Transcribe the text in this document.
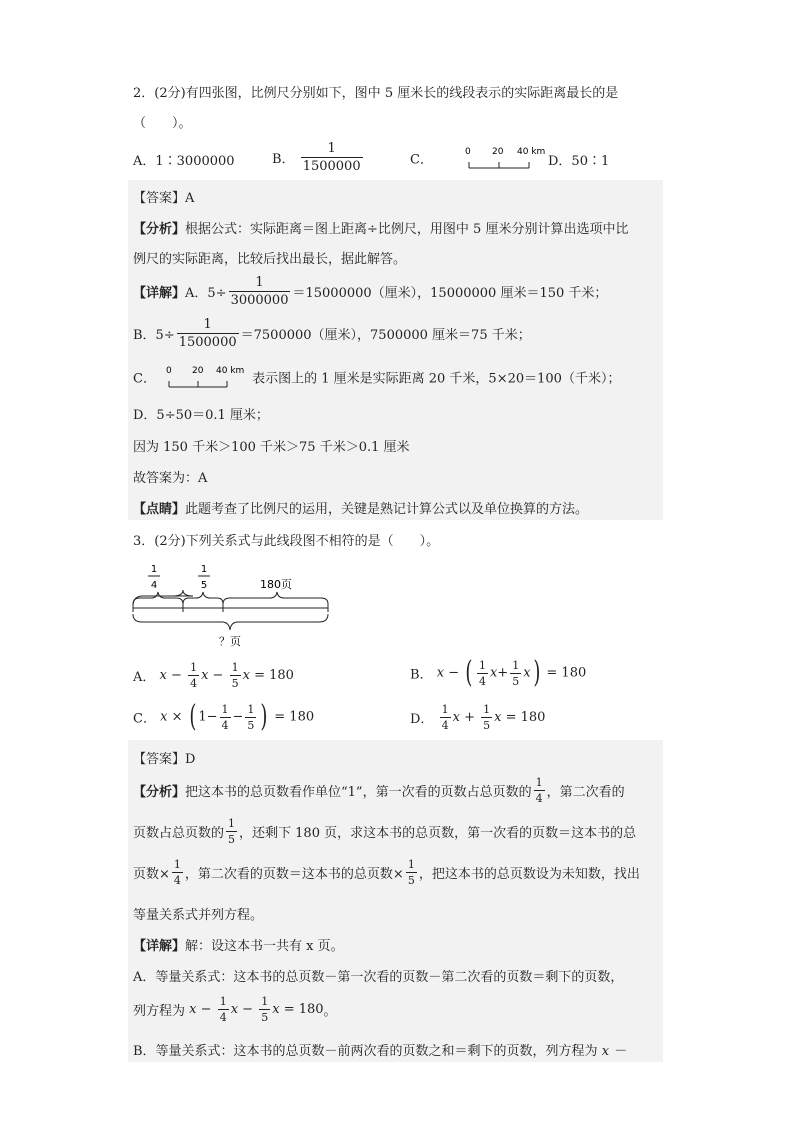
2．(2分)有四张图，比例尺分别如下，图中 5 厘米长的线段表示的实际距离最长的是
（　　）。
A．1∶3000000	B． $\frac{1}{1500000}$	C．
0 20 40 km
D．50∶1
【答案】A
【分析】根据公式：实际距离＝图上距离÷比例尺，用图中 5 厘米分别计算出选项中比
例尺的实际距离，比较后找出最长，据此解答。
【详解】A．$5\div \frac{1}{3000000} =15000000$（厘米），15000000 厘米＝150 千米；
B．$5\div \frac{1}{1500000} =7500000$（厘米），7500000 厘米＝75 千米；
C．
0 20 40 km
表示图上的 1 厘米是实际距离 20 千米，5×20＝100（千米）；
D．5÷50＝0.1 厘米；
因为 150 千米＞100 千米＞75 千米＞0.1 厘米
故答案为：A
【点睛】此题考查了比例尺的运用，关键是熟记计算公式以及单位换算的方法。
3．(2分)下列关系式与此线段图不相符的是（　　）。
1
4
1
5	180页
？页
A． $x - \frac{1}{4}$ $x - \frac{1}{5}$ x = 180	B． x − ( $\frac{1}{4} x+ \frac{1}{5} x) = 180$
C． x × ( $1- \frac{1}{4} - \frac{1}{5}$ ) = 180	D． $\frac{1}{4}$ $x + \frac{1}{5}$ x = 180
【答案】D
【分析】把这本书的总页数看作单位“1”，第一次看的页数占总页数的 $\frac{1}{4}$ ，第二次看的
页数占总页数的 $\frac{1}{5}$ ，还剩下 180 页，求这本书的总页数，第一次看的页数＝这本书的总
页数× $\frac{1}{4}$ ，第二次看的页数＝这本书的总页数× $\frac{1}{5}$ ，把这本书的总页数设为未知数，找出
等量关系式并列方程。
【详解】解：设这本书一共有 x 页。
A．等量关系式：这本书的总页数－第一次看的页数－第二次看的页数＝剩下的页数，
列方程为 $x - \frac{1}{4}$ $x - \frac{1}{5}$ x = 180。
B．等量关系式：这本书的总页数－前两次看的页数之和＝剩下的页数，列方程为 x －
